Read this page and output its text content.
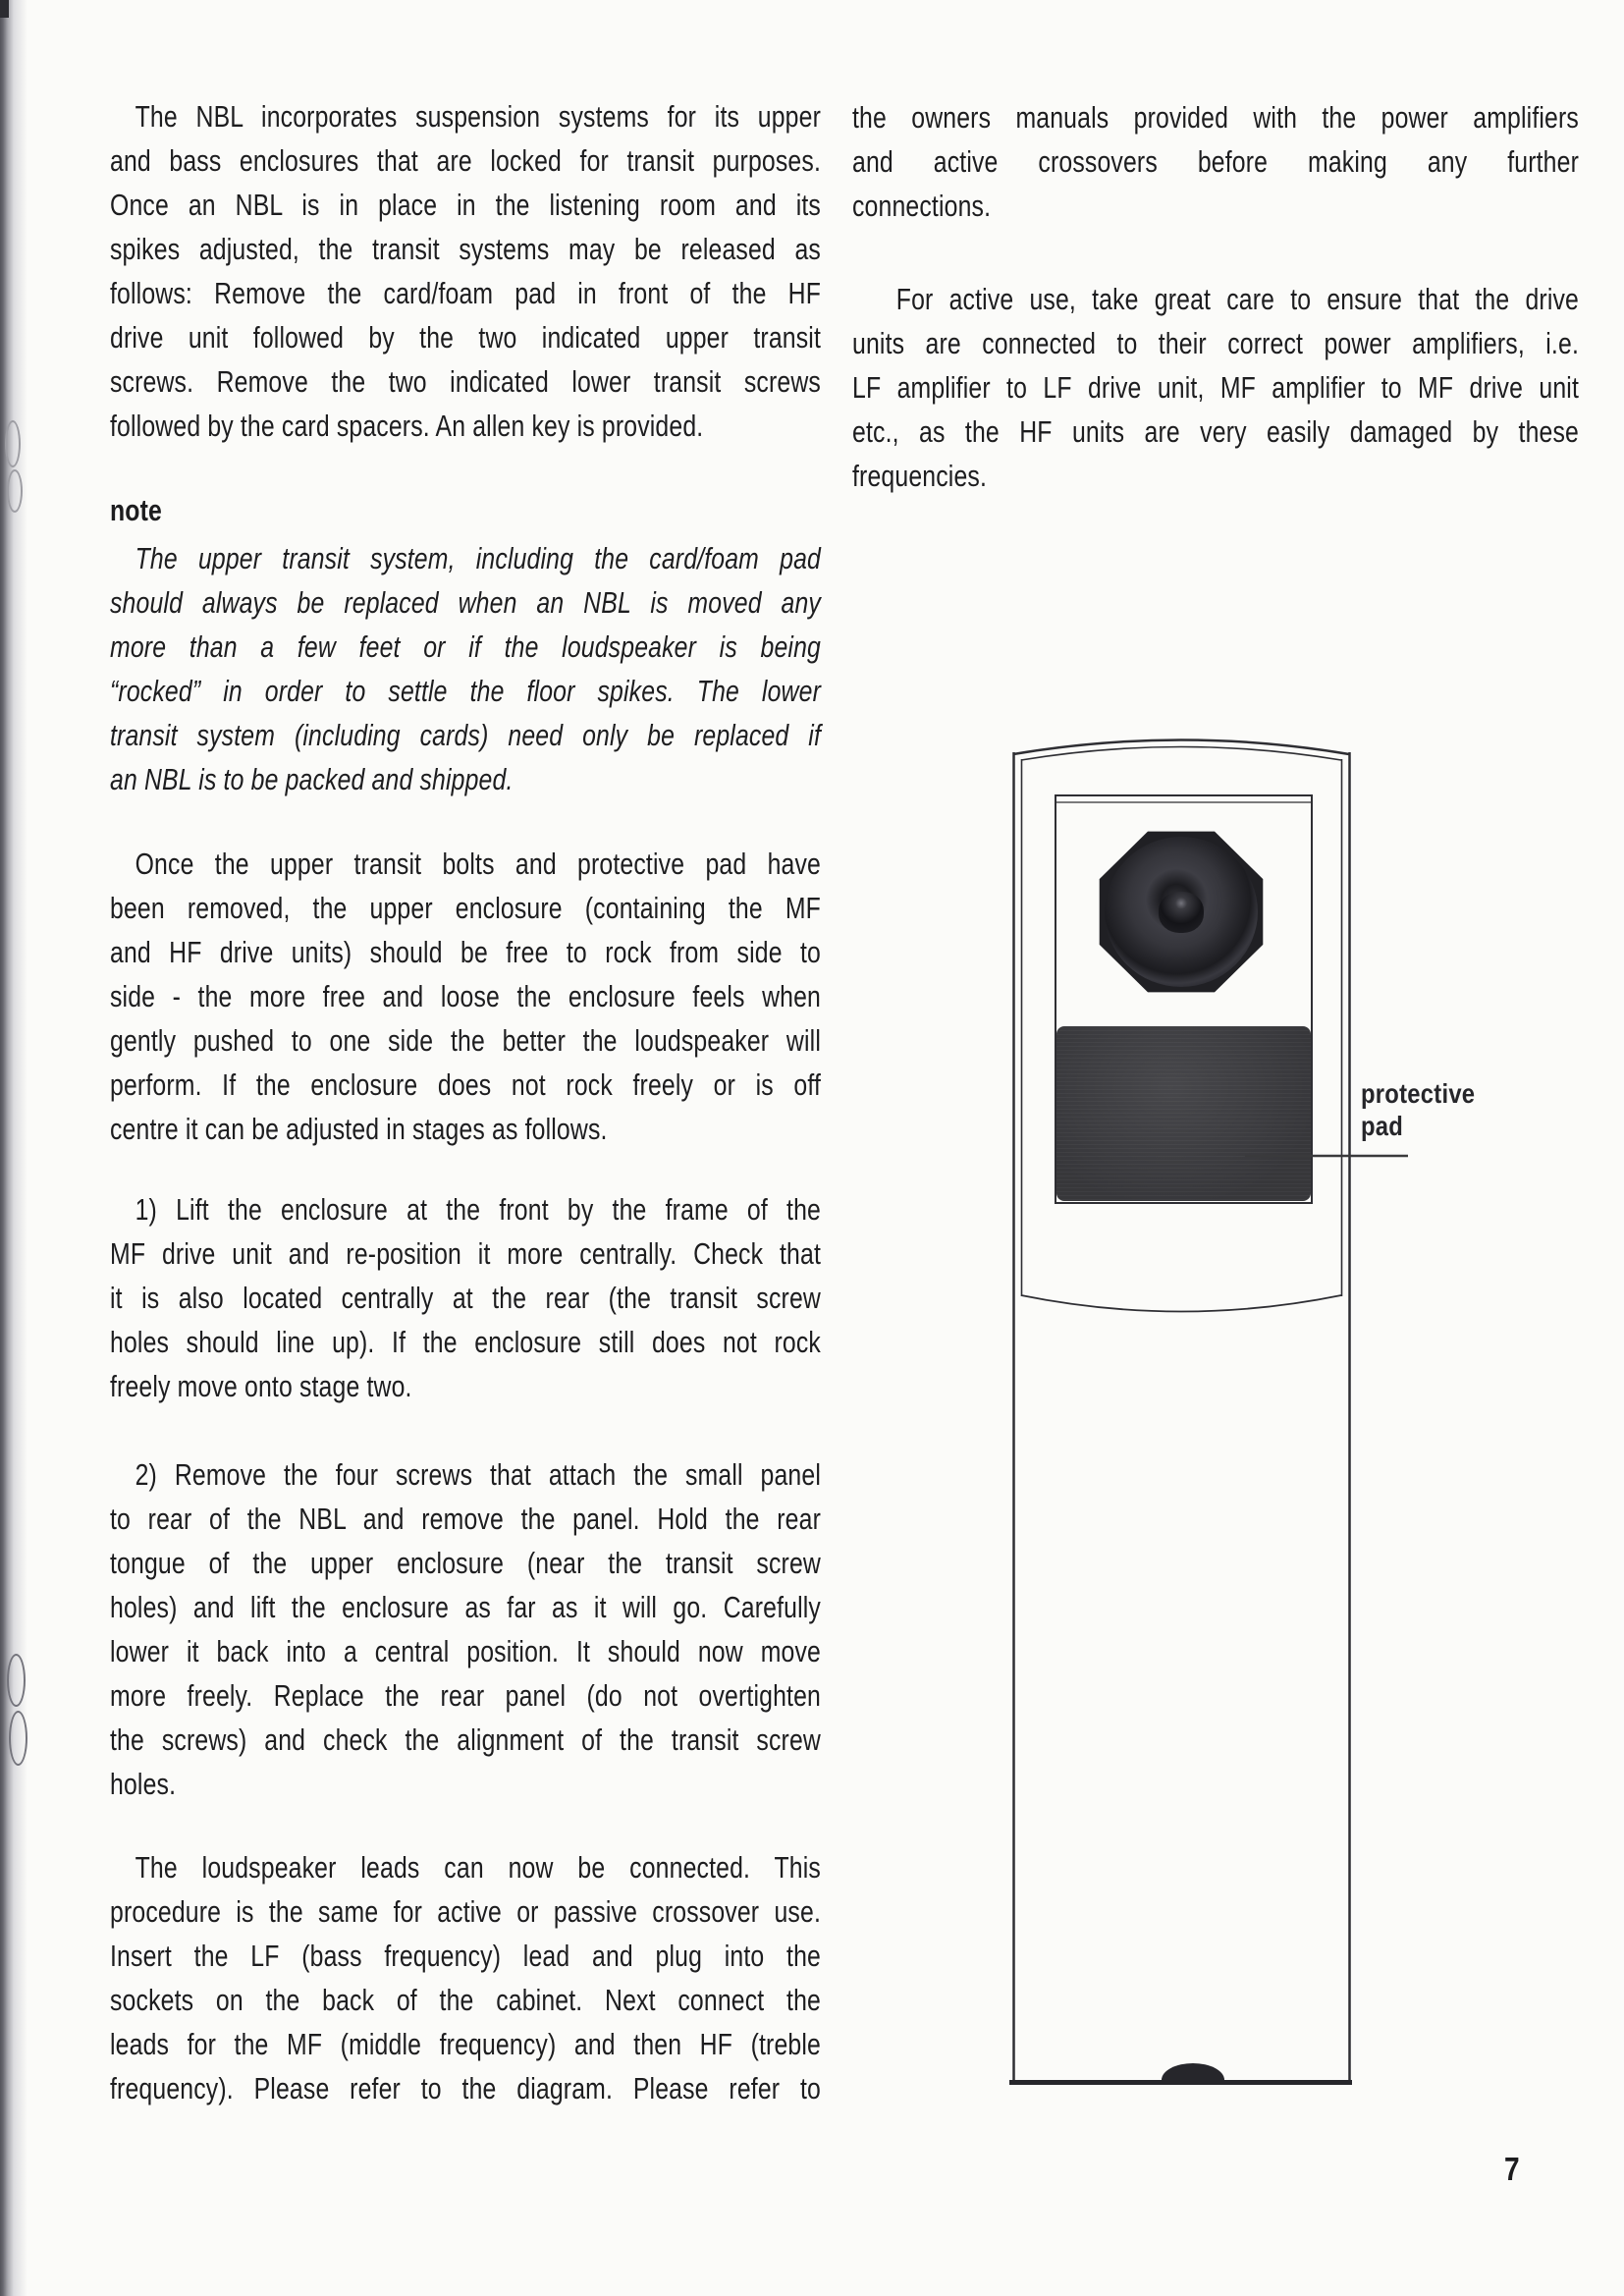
The NBL incorporates suspension systems for its upper
and bass enclosures that are locked for transit purposes.
Once an NBL is in place in the listening room and its
spikes adjusted, the transit systems may be released as
follows: Remove the card/foam pad in front of the HF
drive unit followed by the two indicated upper transit
screws. Remove the two indicated lower transit screws
followed by the card spacers. An allen key is provided.
note
The upper transit system, including the card/foam pad
should always be replaced when an NBL is moved any
more than a few feet or if the loudspeaker is being
“rocked” in order to settle the floor spikes. The lower
transit system (including cards) need only be replaced if
an NBL is to be packed and shipped.
Once the upper transit bolts and protective pad have
been removed, the upper enclosure (containing the MF
and HF drive units) should be free to rock from side to
side - the more free and loose the enclosure feels when
gently pushed to one side the better the loudspeaker will
perform. If the enclosure does not rock freely or is off
centre it can be adjusted in stages as follows.
1) Lift the enclosure at the front by the frame of the
MF drive unit and re-position it more centrally. Check that
it is also located centrally at the rear (the transit screw
holes should line up). If the enclosure still does not rock
freely move onto stage two.
2) Remove the four screws that attach the small panel
to rear of the NBL and remove the panel. Hold the rear
tongue of the upper enclosure (near the transit screw
holes) and lift the enclosure as far as it will go. Carefully
lower it back into a central position. It should now move
more freely. Replace the rear panel (do not overtighten
the screws) and check the alignment of the transit screw
holes.
The loudspeaker leads can now be connected. This
procedure is the same for active or passive crossover use.
Insert the LF (bass frequency) lead and plug into the
sockets on the back of the cabinet. Next connect the
leads for the MF (middle frequency) and then HF (treble
frequency). Please refer to the diagram. Please refer to
the owners manuals provided with the power amplifiers
and active crossovers before making any further
connections.
For active use, take great care to ensure that the drive
units are connected to their correct power amplifiers, i.e.
LF amplifier to LF drive unit, MF amplifier to MF drive unit
etc., as the HF units are very easily damaged by these
frequencies.
protective
pad
7
